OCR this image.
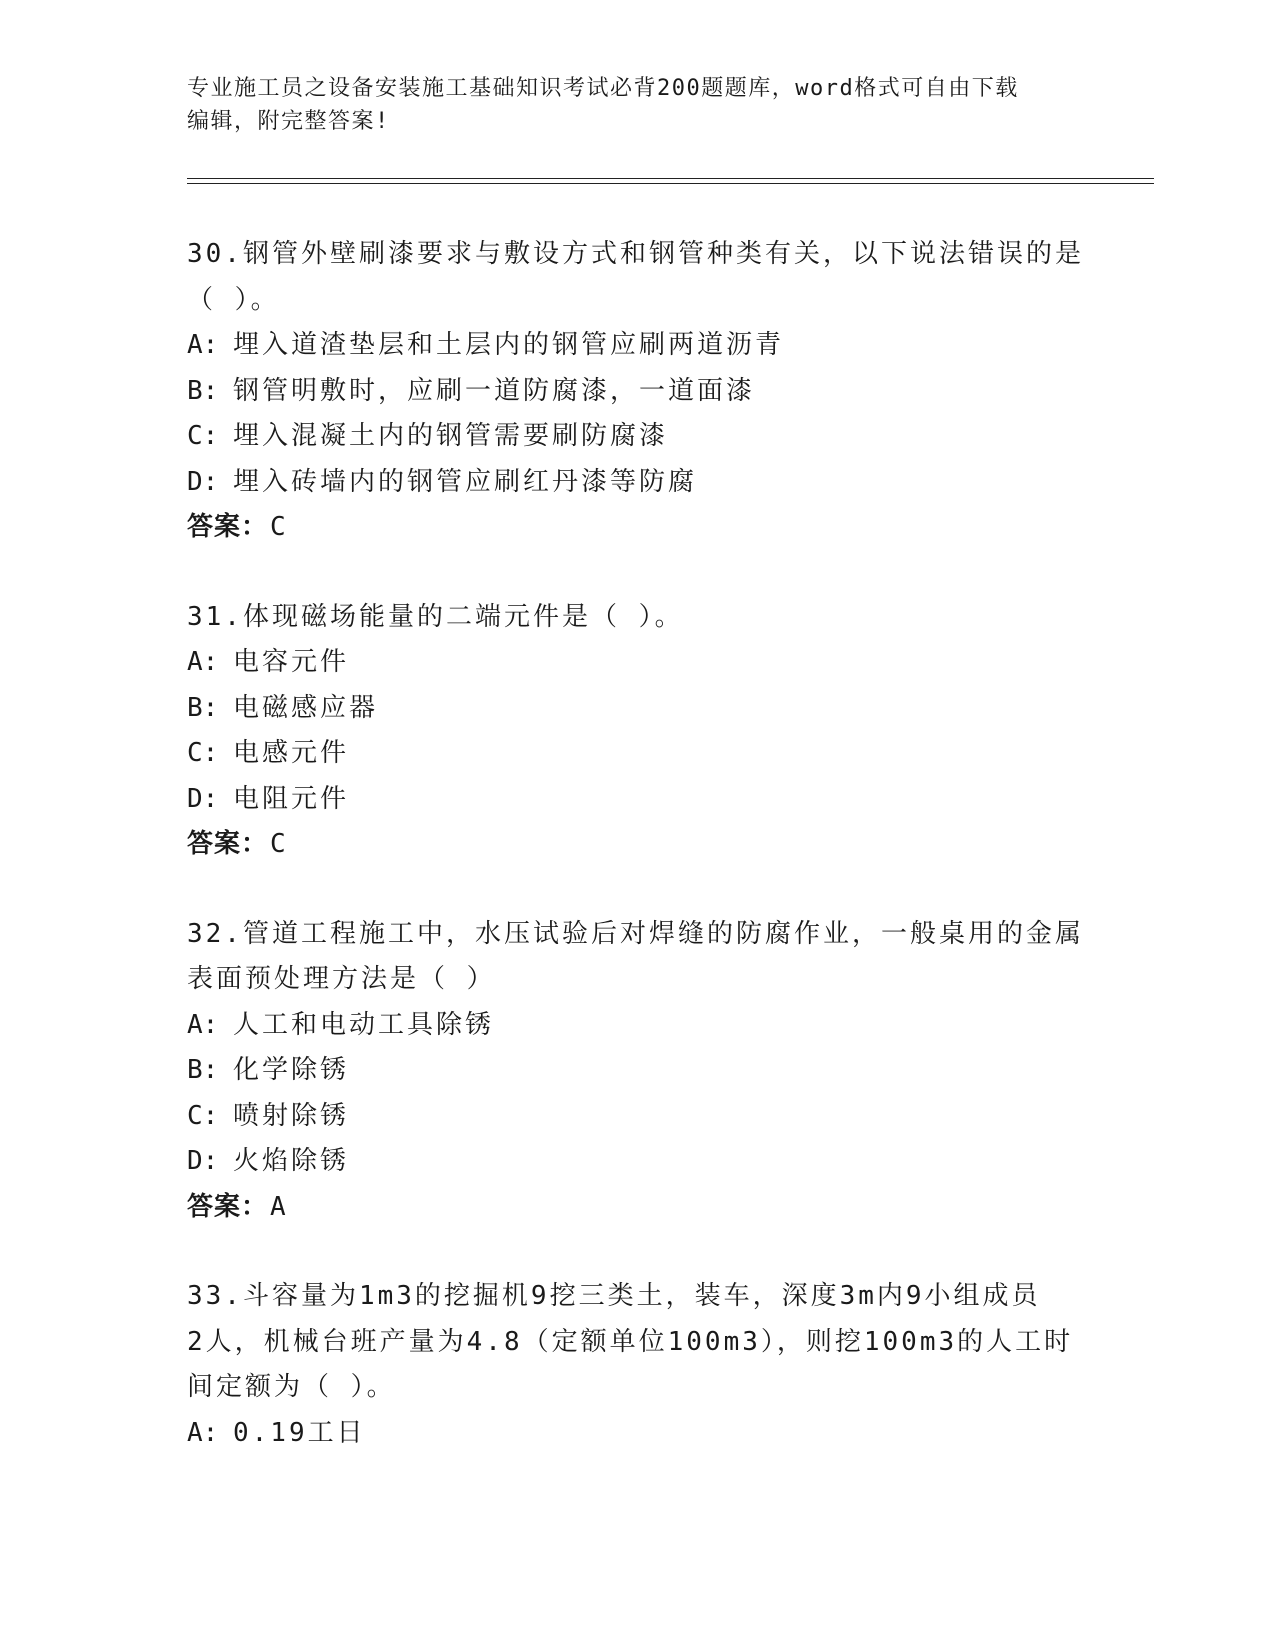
专业施工员之设备安装施工基础知识考试必背200题题库，word格式可自由下载
编辑，附完整答案!
30.钢管外壁刷漆要求与敷设方式和钢管种类有关，以下说法错误的是
（ ）。
A: 埋入道渣垫层和土层内的钢管应刷两道沥青
B: 钢管明敷时，应刷一道防腐漆，一道面漆
C: 埋入混凝土内的钢管需要刷防腐漆
D: 埋入砖墙内的钢管应刷红丹漆等防腐
答案：C
31.体现磁场能量的二端元件是（ ）。
A: 电容元件
B: 电磁感应器
C: 电感元件
D: 电阻元件
答案：C
32.管道工程施工中，水压试验后对焊缝的防腐作业，一般桌用的金属
表面预处理方法是（ ）
A: 人工和电动工具除锈
B: 化学除锈
C: 喷射除锈
D: 火焰除锈
答案：A
33.斗容量为1m3的挖掘机9挖三类土，装车，深度3m内9小组成员
2人，机械台班产量为4.8（定额单位100m3），则挖100m3的人工时
间定额为（ ）。
A: 0.19工日
